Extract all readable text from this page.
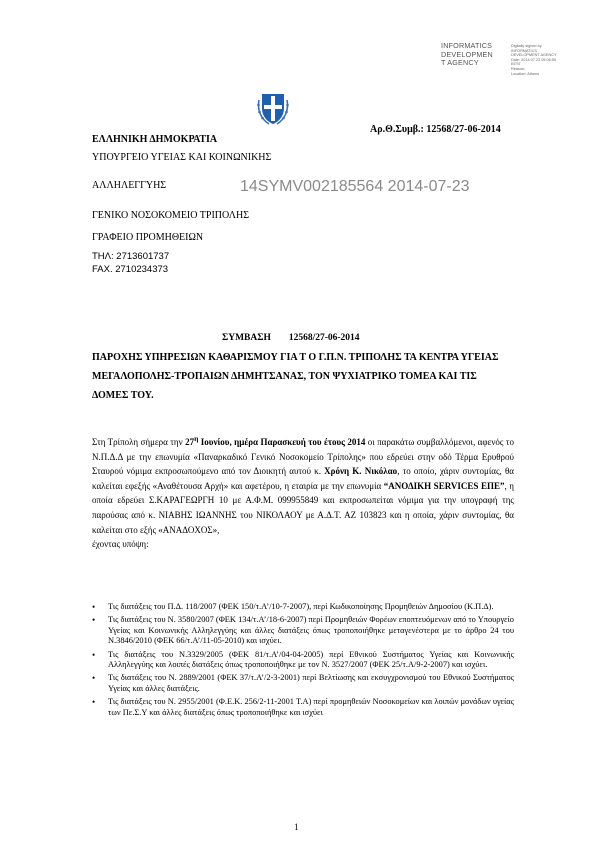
INFORMATICS
DEVELOPMEN
T AGENCY
Digitally signed by
INFORMATICS
DEVELOPMENT AGENCY
Date: 2014.07.23 09:06:59
EEST
Reason:
Location: Athens
Αρ.Θ.Συμβ.: 12568/27-06-2014
ΕΛΛΗΝΙΚΗ ΔΗΜΟΚΡΑΤΙΑ
ΥΠΟΥΡΓΕΙΟ ΥΓΕΙΑΣ ΚΑΙ ΚΟΙΝΩΝΙΚΗΣ
ΑΛΛΗΛΕΓΓΥΗΣ
ΓΕΝΙΚΟ ΝΟΣΟΚΟΜΕΙΟ ΤΡΙΠΟΛΗΣ
ΓΡΑΦΕΙΟ ΠΡΟΜΗΘΕΙΩΝ
ΤΗΛ: 2713601737
FAX. 2710234373
14SYMV002185564 2014-07-23
ΣΥΜΒΑΣΗ 12568/27-06-2014
ΠΑΡΟΧΗΣ ΥΠΗΡΕΣΙΩΝ ΚΑΘΑΡΙΣΜΟΥ ΓΙΑ Τ Ο Γ.Π.Ν. ΤΡΙΠΟΛΗΣ ΤΑ ΚΕΝΤΡΑ ΥΓΕΙΑΣ ΜΕΓΑΛΟΠΟΛΗΣ-ΤΡΟΠΑΙΩΝ ΔΗΜΗΤΣΑΝΑΣ, ΤΟΝ ΨΥΧΙΑΤΡΙΚΟ ΤΟΜΕΑ ΚΑΙ ΤΙΣ ΔΟΜΕΣ ΤΟΥ.

Στη Τρίπολη σήμερα την $27^\eta$ Ιουνίου, ημέρα Παρασκευή του έτους 2014 οι παρακάτω συμβαλλόμενοι, αφενός το Ν.Π.Δ.Δ με την επωνυμία «Παναρκαδικό Γενικό Νοσοκομείο Τρίπολης» που εδρεύει στην οδό Τέρμα Ερυθρού Σταυρού νόμιμα εκπροσωπούμενο από τον Διοικητή αυτού κ. Χρόνη Κ. Νικόλαο, το οποίο, χάριν συντομίας, θα καλείται εφεξής «Αναθέτουσα Αρχή» και αφετέρου, η εταιρία με την επωνυμία “ΑΝΟΔΙΚΗ SERVICES ΕΠΕ”, η οποία εδρεύει Σ.ΚΑΡΑΓΕΩΡΓΗ 10 με Α.Φ.Μ. 099955849 και εκπροσωπείται νόμιμα για την υπογραφή της παρούσας από κ. ΝΙΑΒΗΣ ΙΩΑΝΝΗΣ του ΝΙΚΟΛΑΟΥ με Α.Δ.Τ. ΑΖ 103823 και η οποία, χάριν συντομίας, θα καλείται στο εξής «ΑΝΑΔΟΧΟΣ»,

έχοντας υπόψη:

• Τις διατάξεις του Π.Δ. 118/2007 (ΦΕΚ 150/τ.Α’/10-7-2007), περί Κωδικοποίησης Προμηθειών Δημοσίου (Κ.Π.Δ).
• Τις διατάξεις του Ν. 3580/2007 (ΦΕΚ 134/τ.Α’/18-6-2007) περί Προμηθειών Φορέων εποπτευόμενων από το Υπουργείο Υγείας και Κοινωνικής Αλληλεγγύης και άλλες διατάξεις όπως τροποποιήθηκε μεταγενέστερα με το άρθρο 24 του Ν.3846/2010 (ΦΕΚ 66/τ.Α’/11-05-2010) και ισχύει.
• Τις διατάξεις του Ν.3329/2005 (ΦΕΚ 81/τ.Α’/04-04-2005) περί Εθνικού Συστήματος Υγείας και Κοινωνικής Αλληλεγγύης και λοιπές διατάξεις όπως τροποποιήθηκε με τον Ν. 3527/2007 (ΦΕΚ 25/τ.Α/9-2-2007) και ισχύει.
• Τις διατάξεις του Ν. 2889/2001 (ΦΕΚ 37/τ.Α’/2-3-2001) περί Βελτίωσης και εκσυγχρονισμού του Εθνικού Συστήματος Υγείας και άλλες διατάξεις.
• Τις διατάξεις του Ν. 2955/2001 (Φ.Ε.Κ. 256/2-11-2001 Τ.Α) περί προμηθειών Νοσοκομείων και λοιπών μονάδων υγείας των Πε.Σ.Υ και άλλες διατάξεις όπως τροποποιήθηκε και ισχύει
1
